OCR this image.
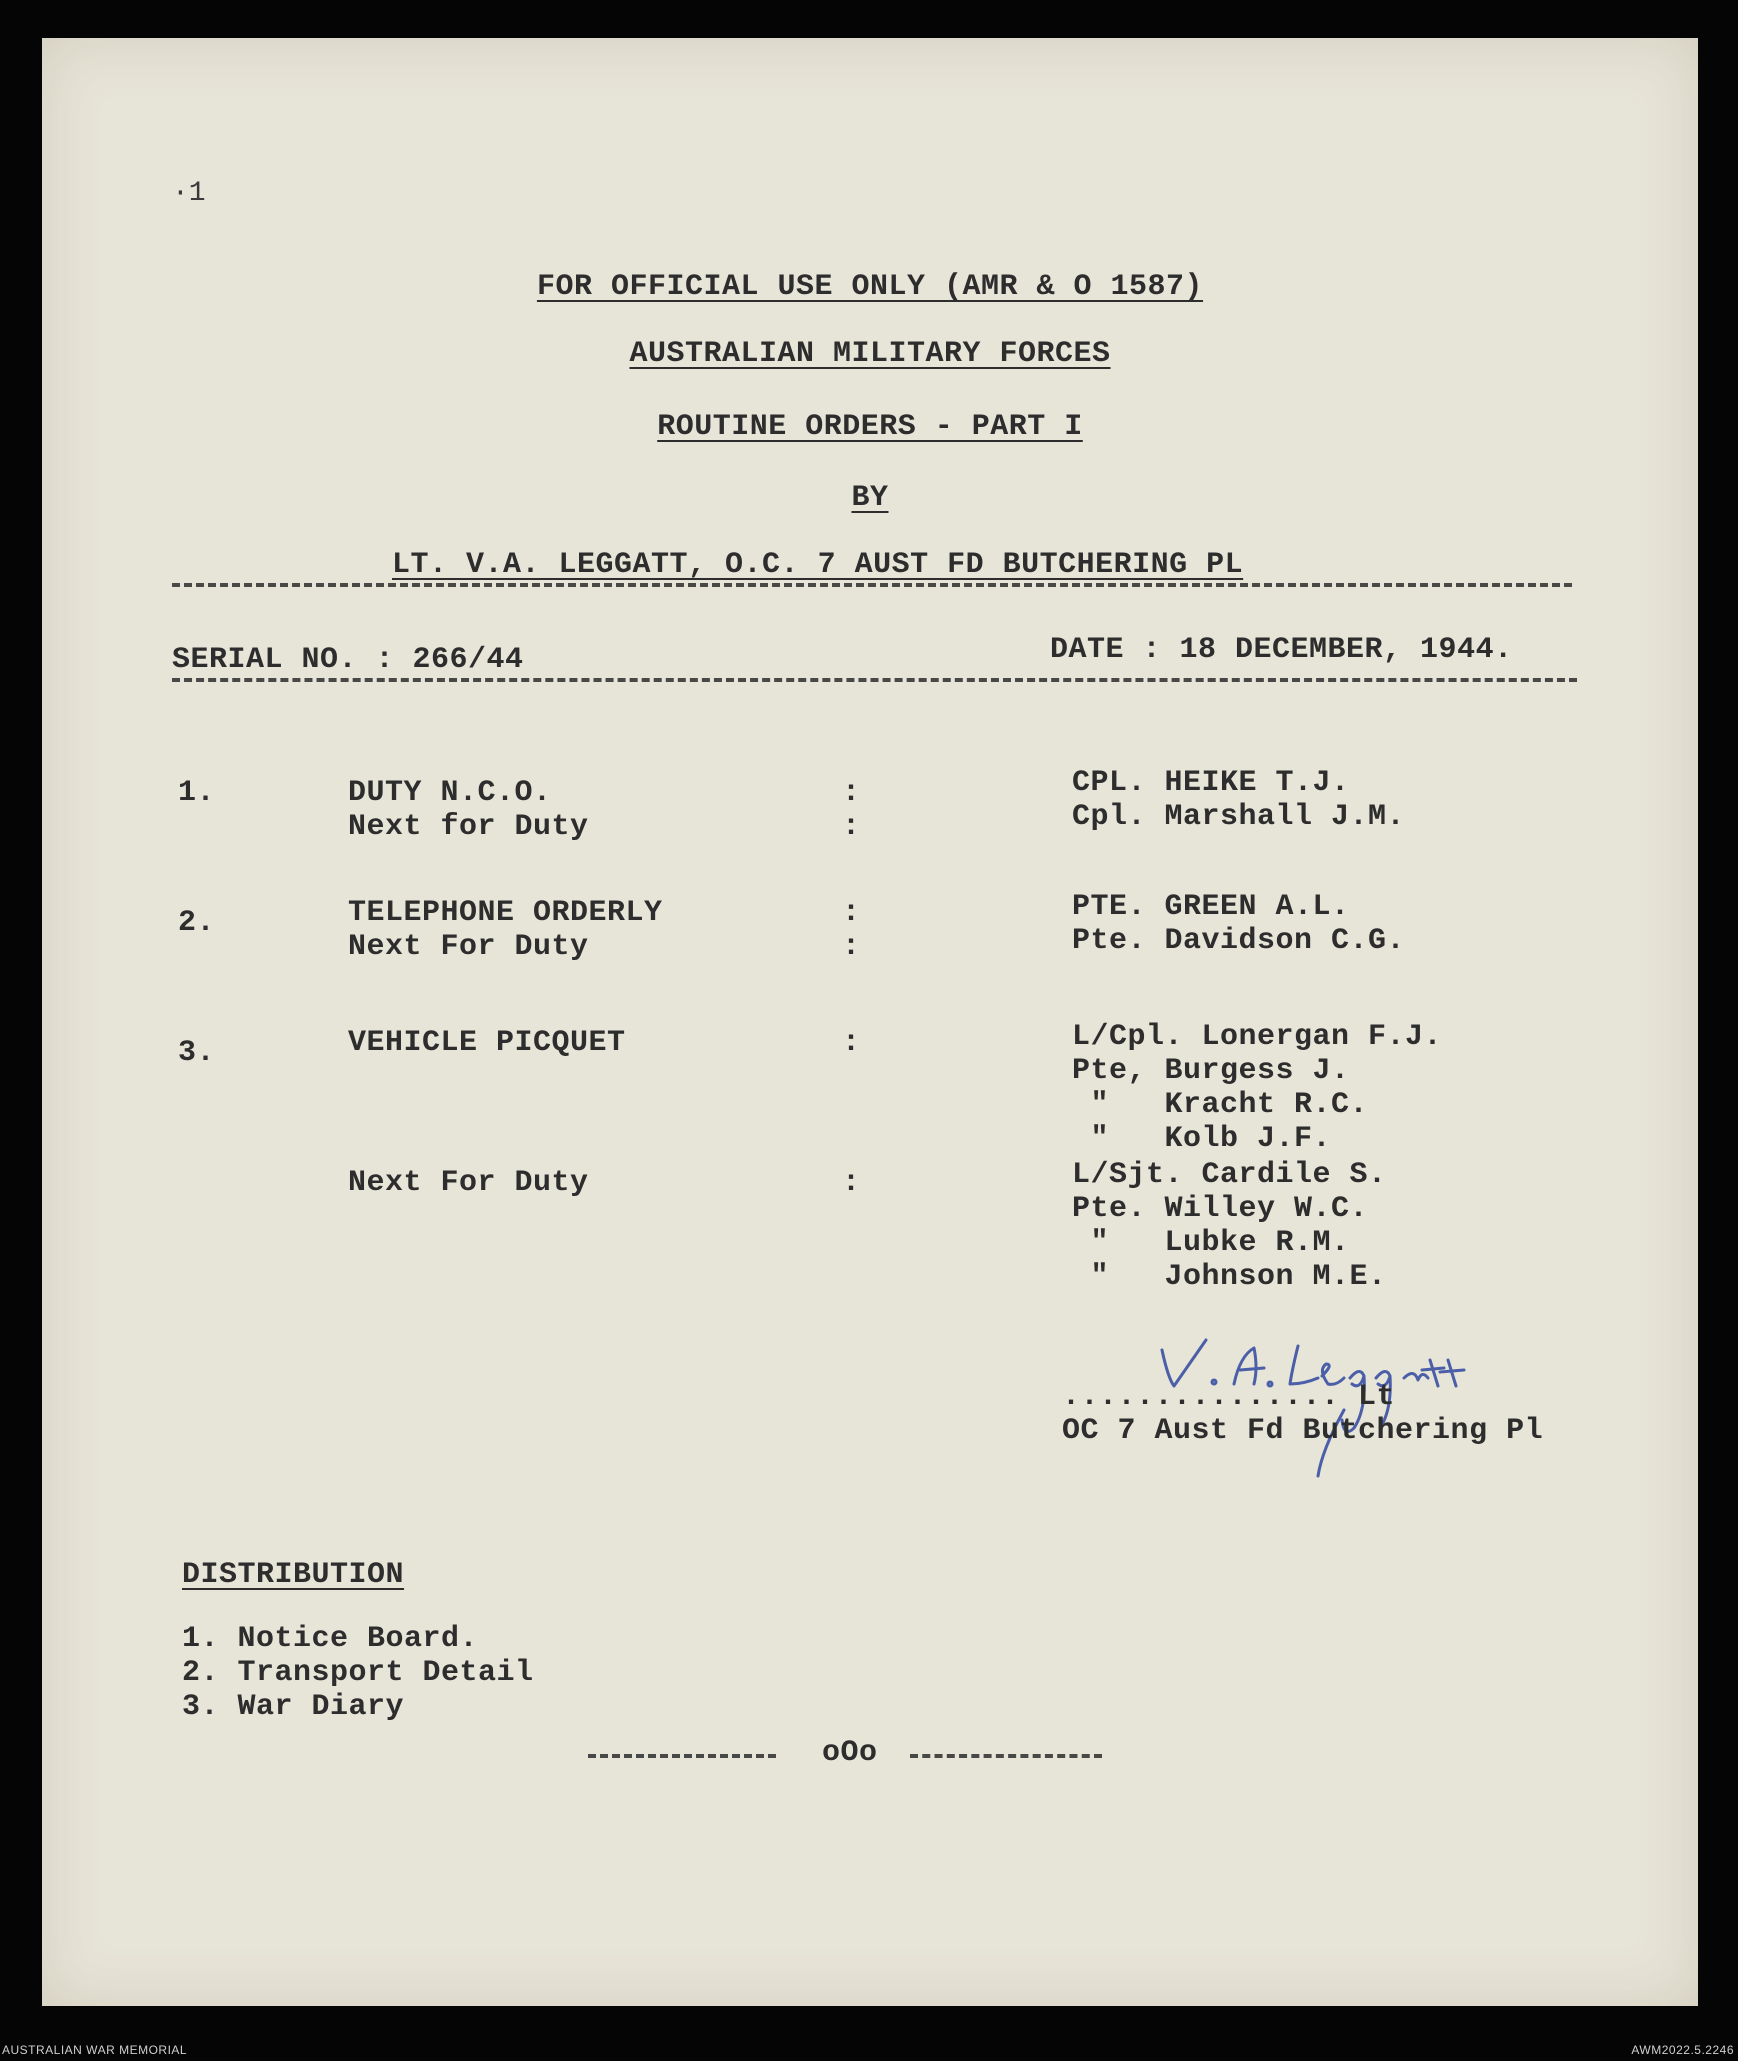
·1
FOR OFFICIAL USE ONLY (AMR & O 1587)
AUSTRALIAN MILITARY FORCES
ROUTINE ORDERS - PART I
BY
LT. V.A. LEGGATT, O.C. 7 AUST FD BUTCHERING PL
SERIAL NO. : 266/44	DATE : 18 DECEMBER, 1944.
1.	DUTY N.C.O.	:	CPL. HEIKE T.J.
Next for Duty	:	Cpl. Marshall J.M.
2.	TELEPHONE ORDERLY	:	PTE. GREEN A.L.
Next For Duty	:	Pte. Davidson C.G.
3.	VEHICLE PICQUET	:	L/Cpl. Lonergan F.J.
Pte, Burgess J.
"   Kracht R.C.
"   Kolb J.F.
Next For Duty	:	L/Sjt. Cardile S.
Pte. Willey W.C.
"   Lubke R.M.
"   Johnson M.E.
V.A. Leggatt
............... Lt
OC 7 Aust Fd Butchering Pl
DISTRIBUTION
1. Notice Board.
2. Transport Detail
3. War Diary
oOo
AUSTRALIAN WAR MEMORIAL	AWM2022.5.2246
